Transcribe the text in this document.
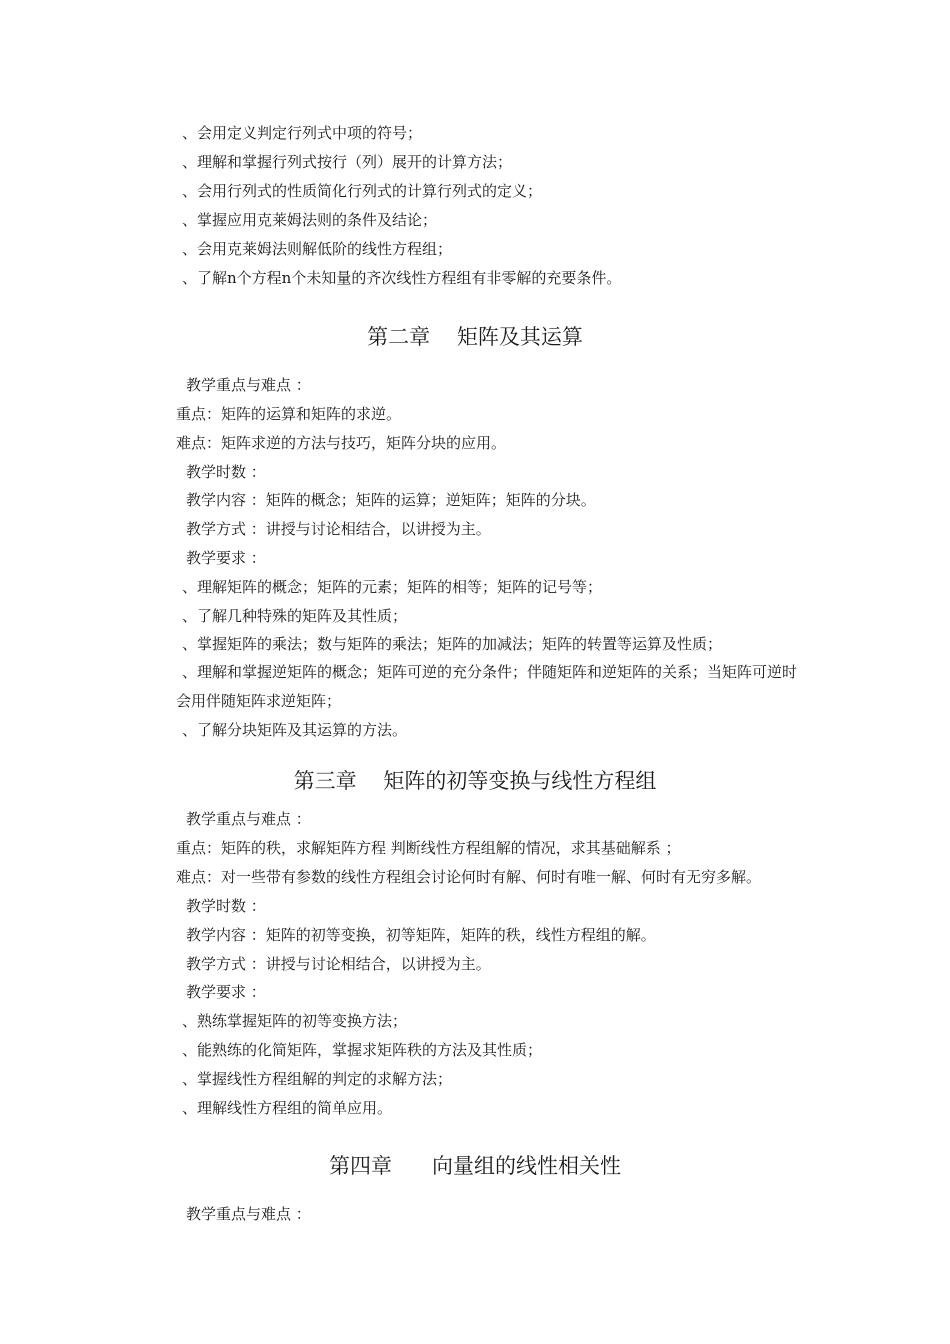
、会用定义判定行列式中项的符号；
、理解和掌握行列式按行（列）展开的计算方法；
、会用行列式的性质简化行列式的计算行列式的定义；
、掌握应用克莱姆法则的条件及结论；
、会用克莱姆法则解低阶的线性方程组；
、了解n个方程n个未知量的齐次线性方程组有非零解的充要条件。
第二章    矩阵及其运算
教学重点与难点 ：
重点：矩阵的运算和矩阵的求逆。
难点：矩阵求逆的方法与技巧，矩阵分块的应用。
教学时数 ：
教学内容 ：矩阵的概念；矩阵的运算；逆矩阵；矩阵的分块。
教学方式 ：讲授与讨论相结合，以讲授为主。
教学要求 ：
、理解矩阵的概念；矩阵的元素；矩阵的相等；矩阵的记号等；
、了解几种特殊的矩阵及其性质；
、掌握矩阵的乘法；数与矩阵的乘法；矩阵的加减法；矩阵的转置等运算及性质；
、理解和掌握逆矩阵的概念；矩阵可逆的充分条件；伴随矩阵和逆矩阵的关系；当矩阵可逆时 会用伴随矩阵求逆矩阵；
、了解分块矩阵及其运算的方法。
第三章    矩阵的初等变换与线性方程组
教学重点与难点 ：
重点：矩阵的秩，求解矩阵方程 判断线性方程组解的情况，求其基础解系 ；
难点：对一些带有参数的线性方程组会讨论何时有解、何时有唯一解、何时有无穷多解。
教学时数 ：
教学内容 ：矩阵的初等变换，初等矩阵，矩阵的秩，线性方程组的解。
教学方式 ：讲授与讨论相结合，以讲授为主。
教学要求 ：
、熟练掌握矩阵的初等变换方法；
、能熟练的化简矩阵，掌握求矩阵秩的方法及其性质；
、掌握线性方程组解的判定的求解方法；
、理解线性方程组的简单应用。
第四章      向量组的线性相关性
教学重点与难点 ：
